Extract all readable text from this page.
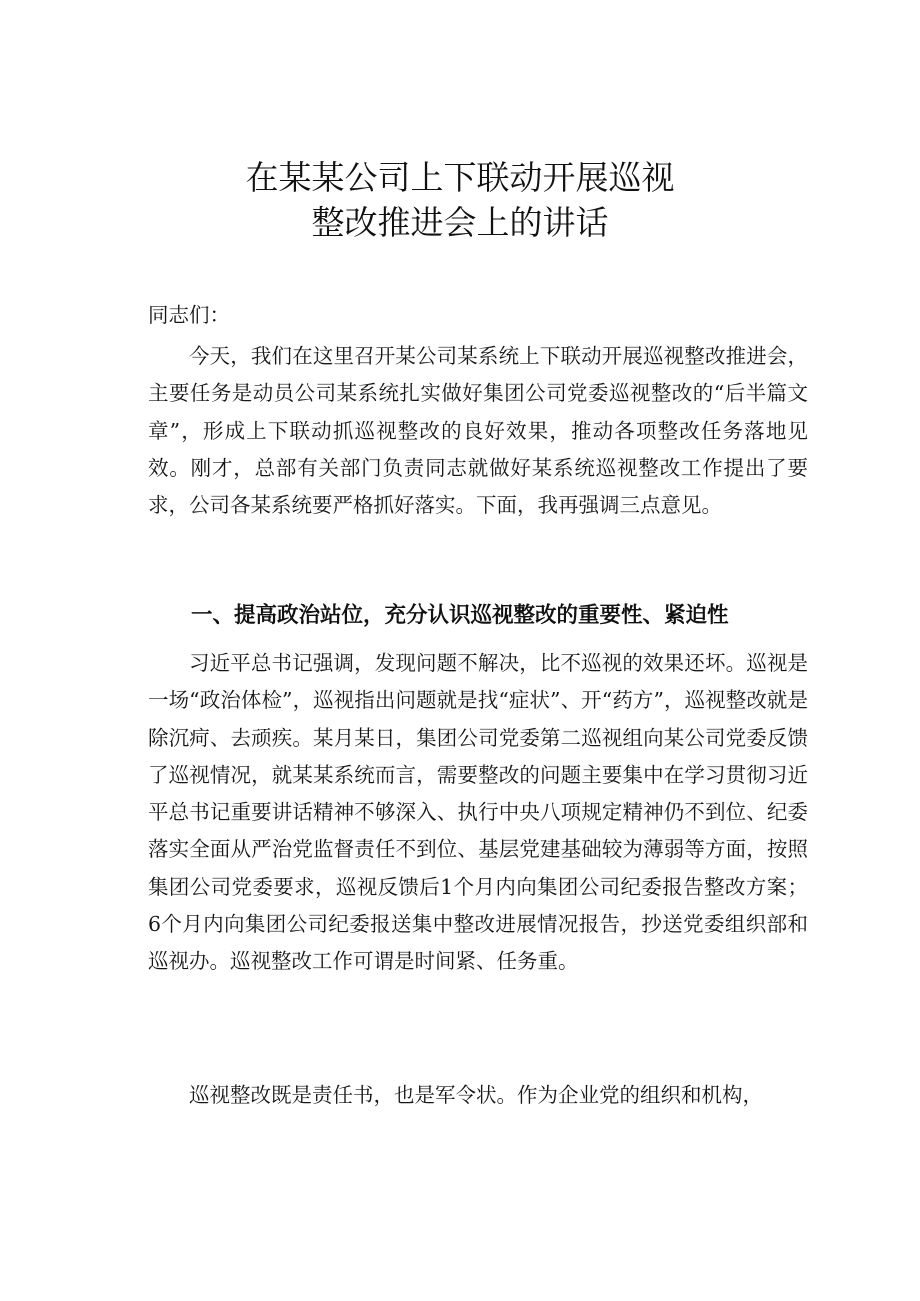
在某某公司上下联动开展巡视
整改推进会上的讲话

同志们：

今天，我们在这里召开某公司某系统上下联动开展巡视整改推进会，主要任务是动员公司某系统扎实做好集团公司党委巡视整改的“后半篇文章”，形成上下联动抓巡视整改的良好效果，推动各项整改任务落地见效。刚才，总部有关部门负责同志就做好某系统巡视整改工作提出了要求，公司各某系统要严格抓好落实。下面，我再强调三点意见。

一、提高政治站位，充分认识巡视整改的重要性、紧迫性

习近平总书记强调，发现问题不解决，比不巡视的效果还坏。巡视是一场“政治体检”，巡视指出问题就是找“症状”、开“药方”，巡视整改就是除沉疴、去顽疾。某月某日，集团公司党委第二巡视组向某公司党委反馈了巡视情况，就某某系统而言，需要整改的问题主要集中在学习贯彻习近平总书记重要讲话精神不够深入、执行中央八项规定精神仍不到位、纪委落实全面从严治党监督责任不到位、基层党建基础较为薄弱等方面，按照集团公司党委要求，巡视反馈后1个月内向集团公司纪委报告整改方案；6个月内向集团公司纪委报送集中整改进展情况报告，抄送党委组织部和巡视办。巡视整改工作可谓是时间紧、任务重。

巡视整改既是责任书，也是军令状。作为企业党的组织和机构，
